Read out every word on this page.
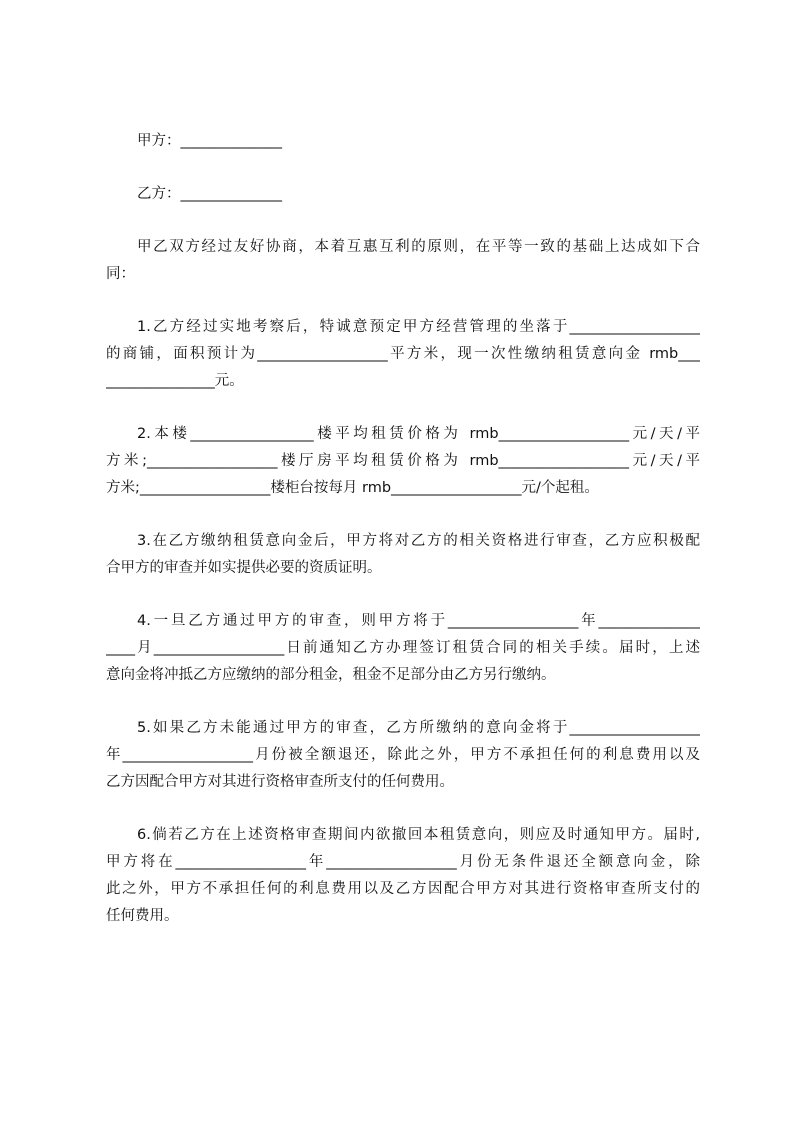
甲方：______________
乙方：______________
甲乙双方经过友好协商，本着互惠互利的原则，在平等一致的基础上达成如下合
同：
1.乙方经过实地考察后，特诚意预定甲方经营管理的坐落于__________________
的商铺，面积预计为__________________平方米，现一次性缴纳租赁意向金 rmb___
_______________元。
2.本楼_________________楼平均租赁价格为 rmb__________________元/天/平
方米;__________________楼厅房平均租赁价格为 rmb__________________元/天/平
方米;__________________楼柜台按每月 rmb__________________元/个起租。
3.在乙方缴纳租赁意向金后，甲方将对乙方的相关资格进行审查，乙方应积极配
合甲方的审查并如实提供必要的资质证明。
4.一旦乙方通过甲方的审查，则甲方将于__________________年______________
____月__________________日前通知乙方办理签订租赁合同的相关手续。届时，上述
意向金将冲抵乙方应缴纳的部分租金，租金不足部分由乙方另行缴纳。
5.如果乙方未能通过甲方的审查，乙方所缴纳的意向金将于__________________
年__________________月份被全额退还，除此之外，甲方不承担任何的利息费用以及
乙方因配合甲方对其进行资格审查所支付的任何费用。
6.倘若乙方在上述资格审查期间内欲撤回本租赁意向，则应及时通知甲方。届时,
甲方将在__________________年__________________月份无条件退还全额意向金，除
此之外，甲方不承担任何的利息费用以及乙方因配合甲方对其进行资格审查所支付的
任何费用。
